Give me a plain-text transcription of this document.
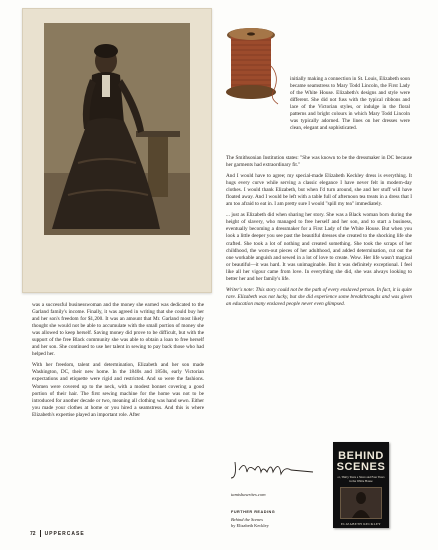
initially making a connection in St. Louis, Elizabeth soon became seamstress to Mary Todd Lincoln, the First Lady of the White House. Elizabeth's designs and style were different. She did not fuss with the typical ribbons and lace of the Victorian styles, or indulge in the floral patterns and bright colours in which Mary Todd Lincoln was typically adorned. The lines on her dresses were clean, elegant and sophisticated.

The Smithsonian Institution states: "She was known to be the dressmaker in DC because her garments had extraordinary fit."

And I would have to agree; my special-made Elizabeth Keckley dress is everything. It hugs every curve while serving a classic elegance I have never felt in modern-day clothes. I would thank Elizabeth, but when I'd turn around, she and her stuff will have floated away. And I would be left with a table full of afternoon tea treats in a dress that I am too afraid to eat in. I am pretty sure I would "spill my tea" immediately.

... just as Elizabeth did when sharing her story. She was a Black woman born during the height of slavery, who managed to free herself and her son, and to start a business, eventually becoming a dressmaker for a First Lady of the White House. But when you look a little deeper you see past the beautiful dresses she created to the shocking life she crafted. She took a lot of nothing and created something. She took the scraps of her childhood, the worn-out pieces of her adulthood, and added determination, cut out the one workable anguish and sewed in a lot of love to create. Wow. Her life wasn't magical or beautiful—it was hard. It was unimaginable. But it was definitely exceptional. I feel like all her vigour came from love. In everything she did, she was always looking to better her and her family's life.

Writer's note: This story could not be the path of every enslaved person. In fact, it is quite rare. Elizabeth was not lucky, but she did experience some breakthroughs and was given an education many enslaved people never even glimpsed.

was a successful businesswoman and the money she earned was dedicated to the Garland family's income. Finally, it was agreed in writing that she could buy her and her son's freedom for $1,200. It was an amount that Mr. Garland most likely thought she would not be able to accumulate with the small portion of money she was allowed to keep herself. Saving money did prove to be difficult, but with the support of the free Black community she was able to obtain a loan to free herself and her son. She continued to use her talent in sewing to pay back those who had helped her.

With her freedom, talent and determination, Elizabeth and her son made Washington, DC, their new home. In the 1840s and 1850s, early Victorian expectations and etiquette were rigid and restricted. And so were the fashions. Women were covered up to the neck, with a modest bonnet covering a good portion of their hair. The first sewing machine for the home was not to be introduced for another decade or two, meaning all clothing was hand sewn. Either you made your clothes at home or you hired a seamstress. And this is where Elizabeth's expertise played an important role. After

tamishawrites.com
FURTHER READING
Behind the Scenes
by Elizabeth Keckley
BEHIND
SCENES
or, Thirty Years a Slave and Four Years in the White House
ELIZABETH KECKLEY
72 UPPERCASE
